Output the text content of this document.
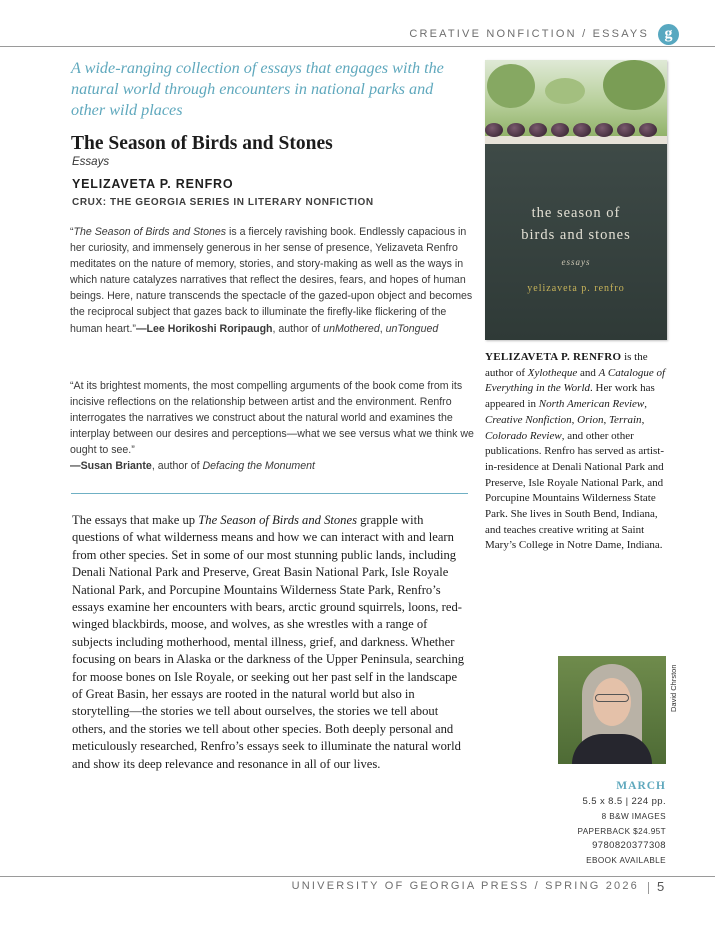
CREATIVE NONFICTION / ESSAYS g
A wide-ranging collection of essays that engages with the natural world through encounters in national parks and other wild places
The Season of Birds and Stones
Essays
YELIZAVETA P. RENFRO
CRUX: THE GEORGIA SERIES IN LITERARY NONFICTION
“The Season of Birds and Stones is a fiercely ravishing book. Endlessly capacious in her curiosity, and immensely generous in her sense of presence, Yelizaveta Renfro meditates on the nature of memory, stories, and story-making as well as the ways in which nature catalyzes narratives that reflect the desires, fears, and hopes of human beings. Here, nature transcends the spectacle of the gazed-upon object and becomes the reciprocal subject that gazes back to illuminate the firefly-like flickering of the human heart.”—Lee Horikoshi Roripaugh, author of unMothered, unTongued
“At its brightest moments, the most compelling arguments of the book come from its incisive reflections on the relationship between artist and the environment. Renfro interrogates the narratives we construct about the natural world and examines the interplay between our desires and perceptions—what we see versus what we think we ought to see.”
—Susan Briante, author of Defacing the Monument
The essays that make up The Season of Birds and Stones grapple with questions of what wilderness means and how we can interact with and learn from other species. Set in some of our most stunning public lands, including Denali National Park and Preserve, Great Basin National Park, Isle Royale National Park, and Porcupine Mountains Wilderness State Park, Renfro’s essays examine her encounters with bears, arctic ground squirrels, loons, red-winged blackbirds, moose, and wolves, as she wrestles with a range of subjects including motherhood, mental illness, grief, and darkness. Whether focusing on bears in Alaska or the darkness of the Upper Peninsula, searching for moose bones on Isle Royale, or seeking out her past self in the landscape of Great Basin, her essays are rooted in the natural world but also in storytelling—the stories we tell about ourselves, the stories we tell about others, and the stories we tell about other species. Both deeply personal and meticulously researched, Renfro’s essays seek to illuminate the natural world and show its deep relevance and resonance in all of our lives.
the season of
birds and stones
essays
yelizaveta p. renfro
YELIZAVETA P. RENFRO is the author of Xylotheque and A Catalogue of Everything in the World. Her work has appeared in North American Review, Creative Nonfiction, Orion, Terrain, Colorado Review, and other other publications. Renfro has served as artist-in-residence at Denali National Park and Preserve, Isle Royale National Park, and Porcupine Mountains Wilderness State Park. She lives in South Bend, Indiana, and teaches creative writing at Saint Mary’s College in Notre Dame, Indiana.
David Chrston
MARCH
5.5 x 8.5 | 224 pp.
8 B&W IMAGES
PAPERBACK $24.95T
9780820377308
EBOOK AVAILABLE
UNIVERSITY OF GEORGIA PRESS / SPRING 2026 5
